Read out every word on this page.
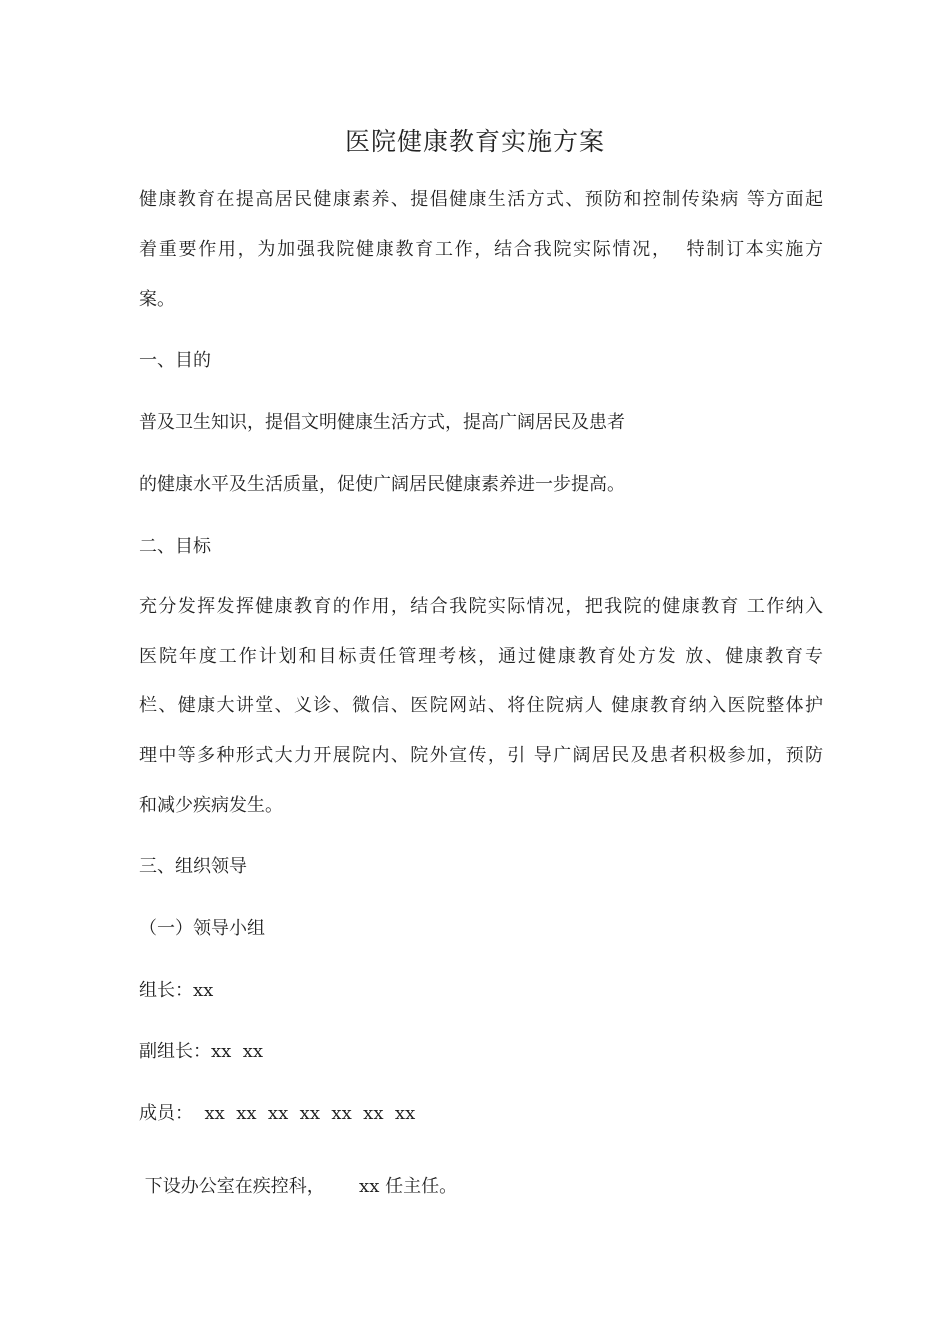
医院健康教育实施方案
健康教育在提高居民健康素养、提倡健康生活方式、预防和控制传染病 等方面起
着重要作用，为加强我院健康教育工作，结合我院实际情况，  特制订本实施方
案。
一、目的
普及卫生知识，提倡文明健康生活方式，提高广阔居民及患者
的健康水平及生活质量，促使广阔居民健康素养进一步提高。
二、目标
充分发挥发挥健康教育的作用，结合我院实际情况，把我院的健康教育 工作纳入
医院年度工作计划和目标责任管理考核，通过健康教育处方发 放、健康教育专
栏、健康大讲堂、义诊、微信、医院网站、将住院病人 健康教育纳入医院整体护
理中等多种形式大力开展院内、院外宣传，引 导广阔居民及患者积极参加，预防
和减少疾病发生。
三、组织领导
（一）领导小组
组长：xx
副组长：xx  xx
成员：  xx  xx  xx  xx  xx  xx  xx
下设办公室在疾控科，      xx 任主任。
